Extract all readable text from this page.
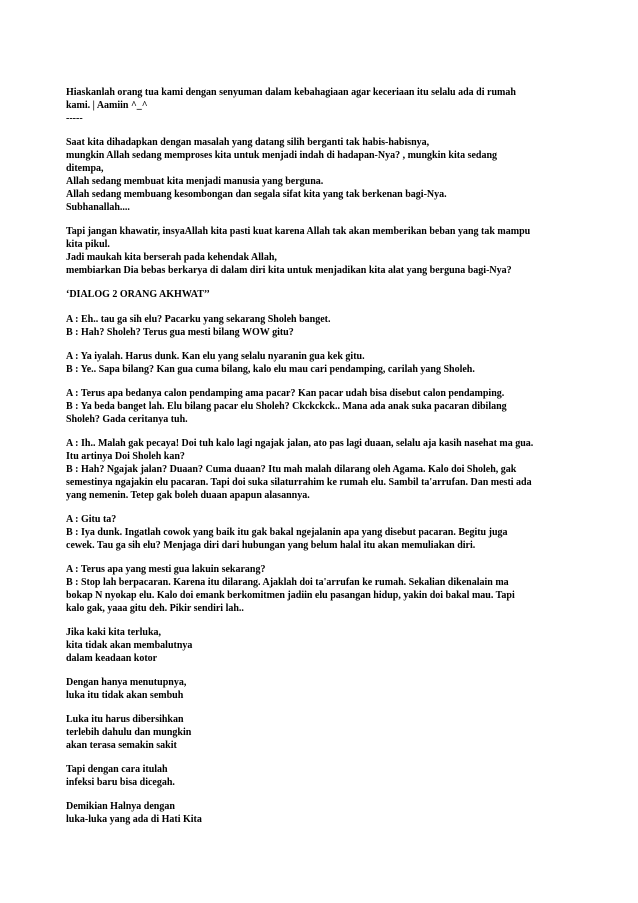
Hiaskanlah orang tua kami dengan senyuman dalam kebahagiaan agar keceriaan itu selalu ada di rumah
kami. | Aamiin ^_^
-----
Saat kita dihadapkan dengan masalah yang datang silih berganti tak habis-habisnya,
mungkin Allah sedang memproses kita untuk menjadi indah di hadapan-Nya? , mungkin kita sedang
ditempa,
Allah sedang membuat kita menjadi manusia yang berguna.
Allah sedang membuang kesombongan dan segala sifat kita yang tak berkenan bagi-Nya.
Subhanallah....
Tapi jangan khawatir, insyaAllah kita pasti kuat karena Allah tak akan memberikan beban yang tak mampu
kita pikul.
Jadi maukah kita berserah pada kehendak Allah,
membiarkan Dia bebas berkarya di dalam diri kita untuk menjadikan kita alat yang berguna bagi-Nya?
‘DIALOG 2 ORANG AKHWAT’’
A : Eh.. tau ga sih elu? Pacarku yang sekarang Sholeh banget.
B : Hah? Sholeh? Terus gua mesti bilang WOW gitu?
A : Ya iyalah. Harus dunk. Kan elu yang selalu nyaranin gua kek gitu.
B : Ye.. Sapa bilang? Kan gua cuma bilang, kalo elu mau cari pendamping, carilah yang Sholeh.
A : Terus apa bedanya calon pendamping ama pacar? Kan pacar udah bisa disebut calon pendamping.
B : Ya beda banget lah. Elu bilang pacar elu Sholeh? Ckckckck.. Mana ada anak suka pacaran dibilang
Sholeh? Gada ceritanya tuh.
A : Ih.. Malah gak pecaya! Doi tuh kalo lagi ngajak jalan, ato pas lagi duaan, selalu aja kasih nasehat ma gua.
Itu artinya Doi Sholeh kan?
B : Hah? Ngajak jalan? Duaan? Cuma duaan? Itu mah malah dilarang oleh Agama. Kalo doi Sholeh, gak
semestinya ngajakin elu pacaran. Tapi doi suka silaturrahim ke rumah elu. Sambil ta'arrufan. Dan mesti ada
yang nemenin. Tetep gak boleh duaan apapun alasannya.
A : Gitu ta?
B : Iya dunk. Ingatlah cowok yang baik itu gak bakal ngejalanin apa yang disebut pacaran. Begitu juga
cewek. Tau ga sih elu? Menjaga diri dari hubungan yang belum halal itu akan memuliakan diri.
A : Terus apa yang mesti gua lakuin sekarang?
B : Stop lah berpacaran. Karena itu dilarang. Ajaklah doi ta'arrufan ke rumah. Sekalian dikenalain ma
bokap N nyokap elu. Kalo doi emank berkomitmen jadiin elu pasangan hidup, yakin doi bakal mau. Tapi
kalo gak, yaaa gitu deh. Pikir sendiri lah..
Jika kaki kita terluka,
kita tidak akan membalutnya
dalam keadaan kotor
Dengan hanya menutupnya,
luka itu tidak akan sembuh
Luka itu harus dibersihkan
terlebih dahulu dan mungkin
akan terasa semakin sakit
Tapi dengan cara itulah
infeksi baru bisa dicegah.
Demikian Halnya dengan
luka-luka yang ada di Hati Kita
